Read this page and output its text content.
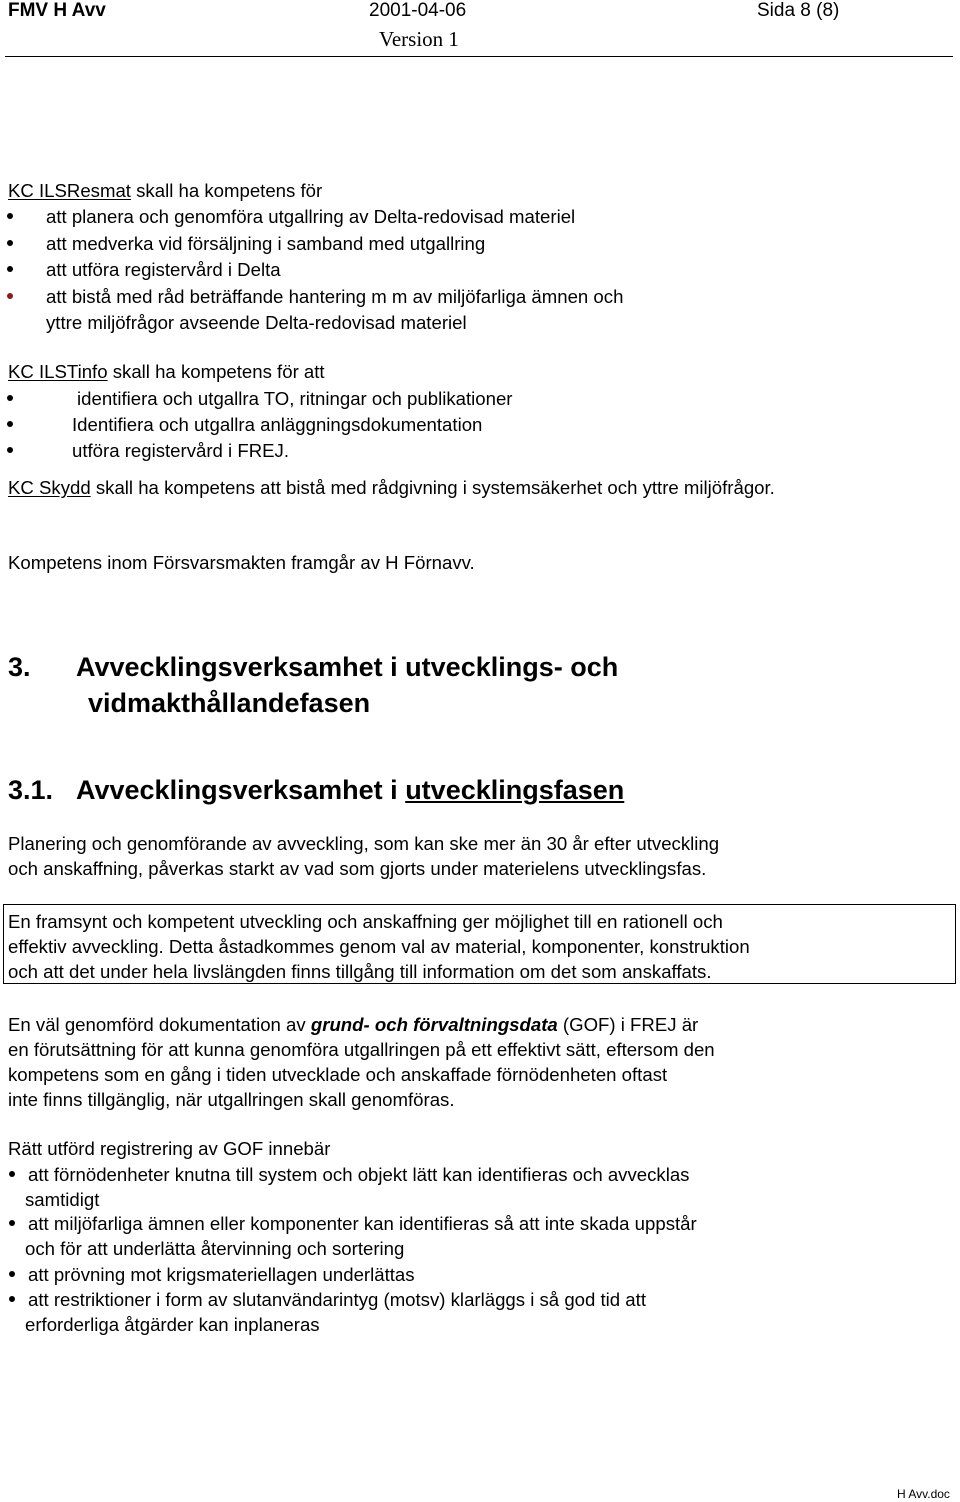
FMV H Avv	2001-04-06
Version 1
Sida 8 (8)
KC ILSResmat skall ha kompetens för
att planera och genomföra utgallring av Delta-redovisad materiel
att medverka vid försäljning i samband med utgallring
att utföra registervård i Delta
att bistå med råd beträffande hantering m m av miljöfarliga ämnen och
yttre miljöfrågor avseende Delta-redovisad materiel
KC ILSTinfo skall ha kompetens för att
identifiera och utgallra TO, ritningar och publikationer
Identifiera och utgallra anläggningsdokumentation
utföra registervård i FREJ.
KC Skydd skall ha kompetens att bistå med rådgivning i systemsäkerhet och yttre miljöfrågor.
Kompetens inom Försvarsmakten framgår av H Förnavv.
3. Avvecklingsverksamhet i utvecklings- och
vidmakthållandefasen
3.1. Avvecklingsverksamhet i utvecklingsfasen
Planering och genomförande av avveckling, som kan ske mer än 30 år efter utveckling
och anskaffning, påverkas starkt av vad som gjorts under materielens utvecklingsfas.
En framsynt och kompetent utveckling och anskaffning ger möjlighet till en rationell och
effektiv avveckling. Detta åstadkommes genom val av material, komponenter, konstruktion
och att det under hela livslängden finns tillgång till information om det som anskaffats.
En väl genomförd dokumentation av grund- och förvaltningsdata (GOF) i FREJ är
en förutsättning för att kunna genomföra utgallringen på ett effektivt sätt, eftersom den
kompetens som en gång i tiden utvecklade och anskaffade förnödenheten oftast
inte finns tillgänglig, när utgallringen skall genomföras.
Rätt utförd registrering av GOF innebär
att förnödenheter knutna till system och objekt lätt kan identifieras och avvecklas
samtidigt
att miljöfarliga ämnen eller komponenter kan identifieras så att inte skada uppstår
och för att underlätta återvinning och sortering
att prövning mot krigsmateriellagen underlättas
att restriktioner i form av slutanvändarintyg (motsv) klarläggs i så god tid att
erforderliga åtgärder kan inplaneras
H Avv.doc
